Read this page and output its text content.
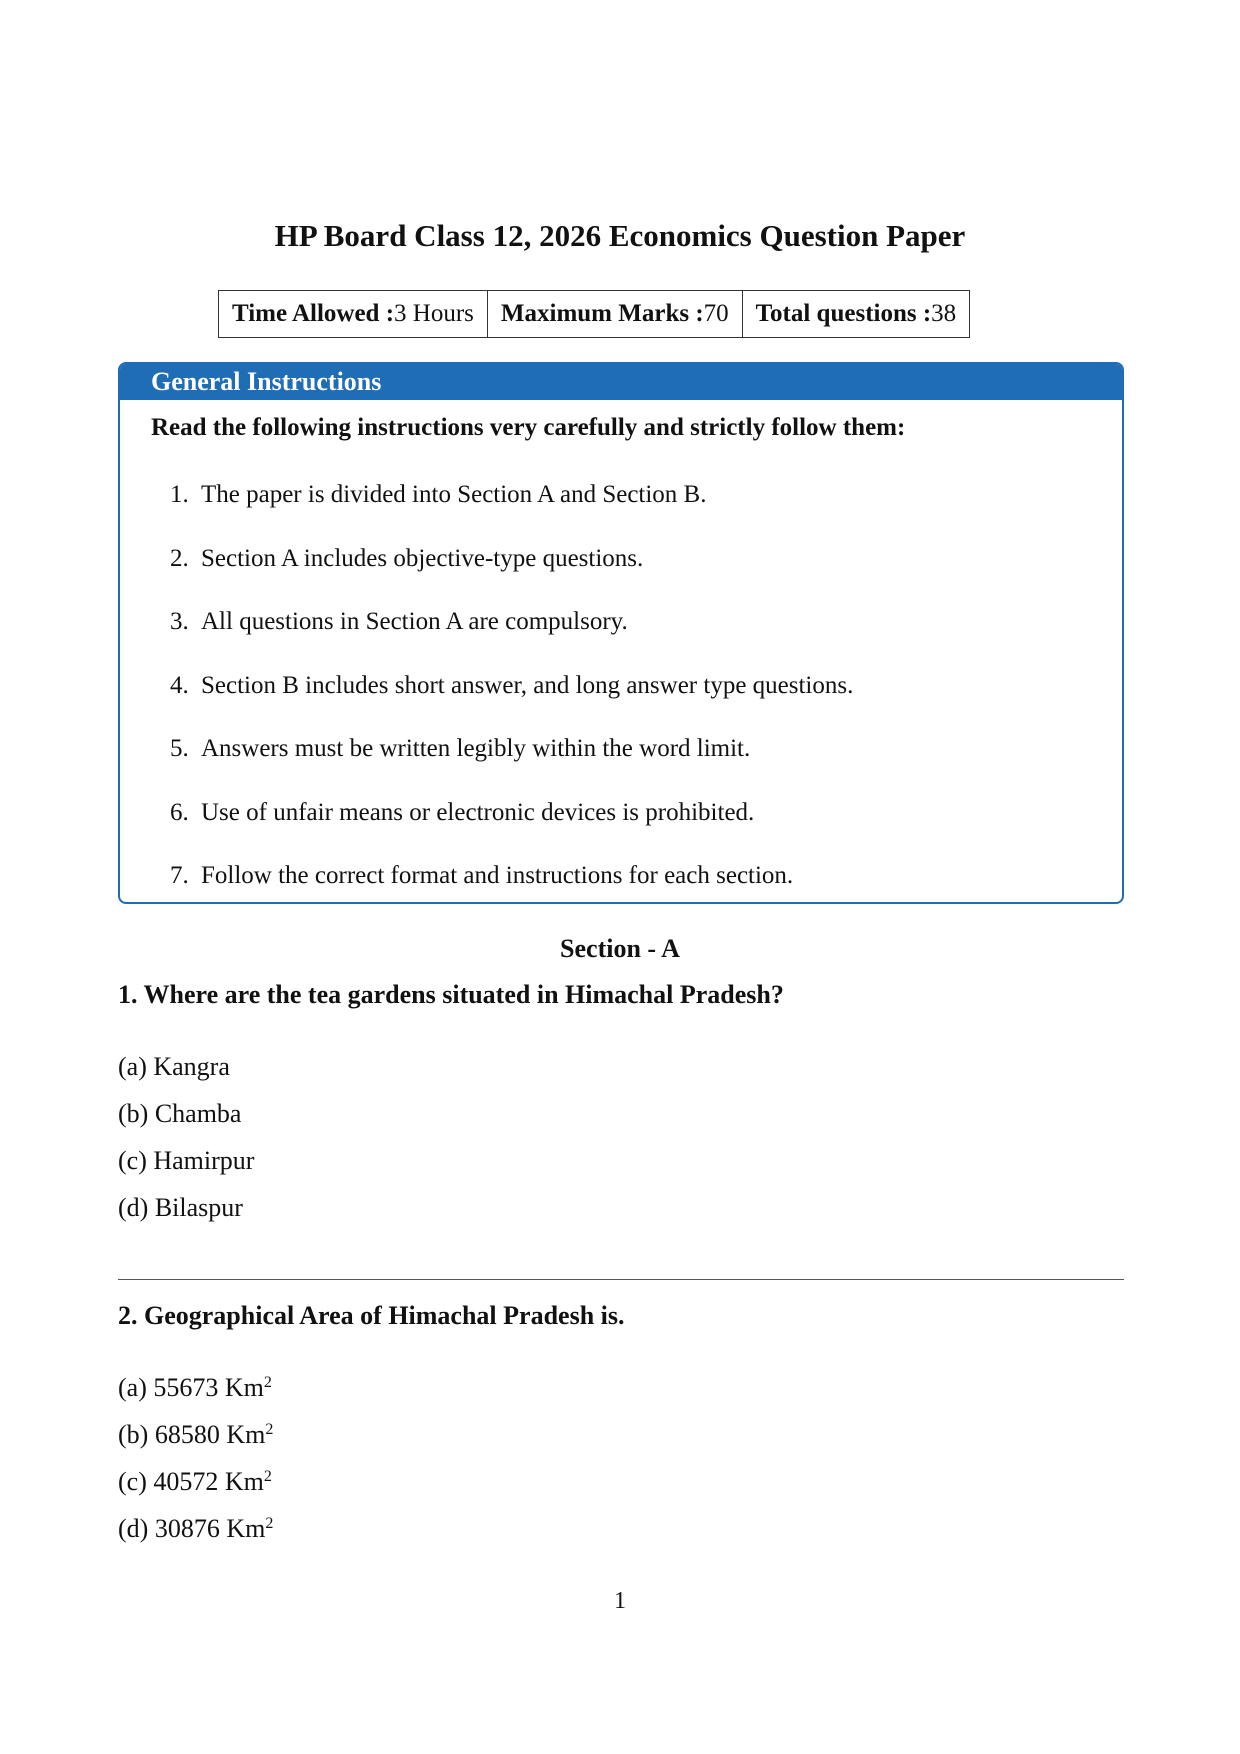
HP Board Class 12, 2026 Economics Question Paper
Time Allowed : 3 Hours Maximum Marks : 70 Total questions : 38
General Instructions
Read the following instructions very carefully and strictly follow them:
1. The paper is divided into Section A and Section B.
2. Section A includes objective-type questions.
3. All questions in Section A are compulsory.
4. Section B includes short answer, and long answer type questions.
5. Answers must be written legibly within the word limit.
6. Use of unfair means or electronic devices is prohibited.
7. Follow the correct format and instructions for each section.
Section - A

1. Where are the tea gardens situated in Himachal Pradesh?

(a) Kangra
(b) Chamba
(c) Hamirpur
(d) Bilaspur

2. Geographical Area of Himachal Pradesh is.

(a) 55673 Km$^2$
(b) 68580 Km$^2$
(c) 40572 Km$^2$
(d) 30876 Km$^2$
1
